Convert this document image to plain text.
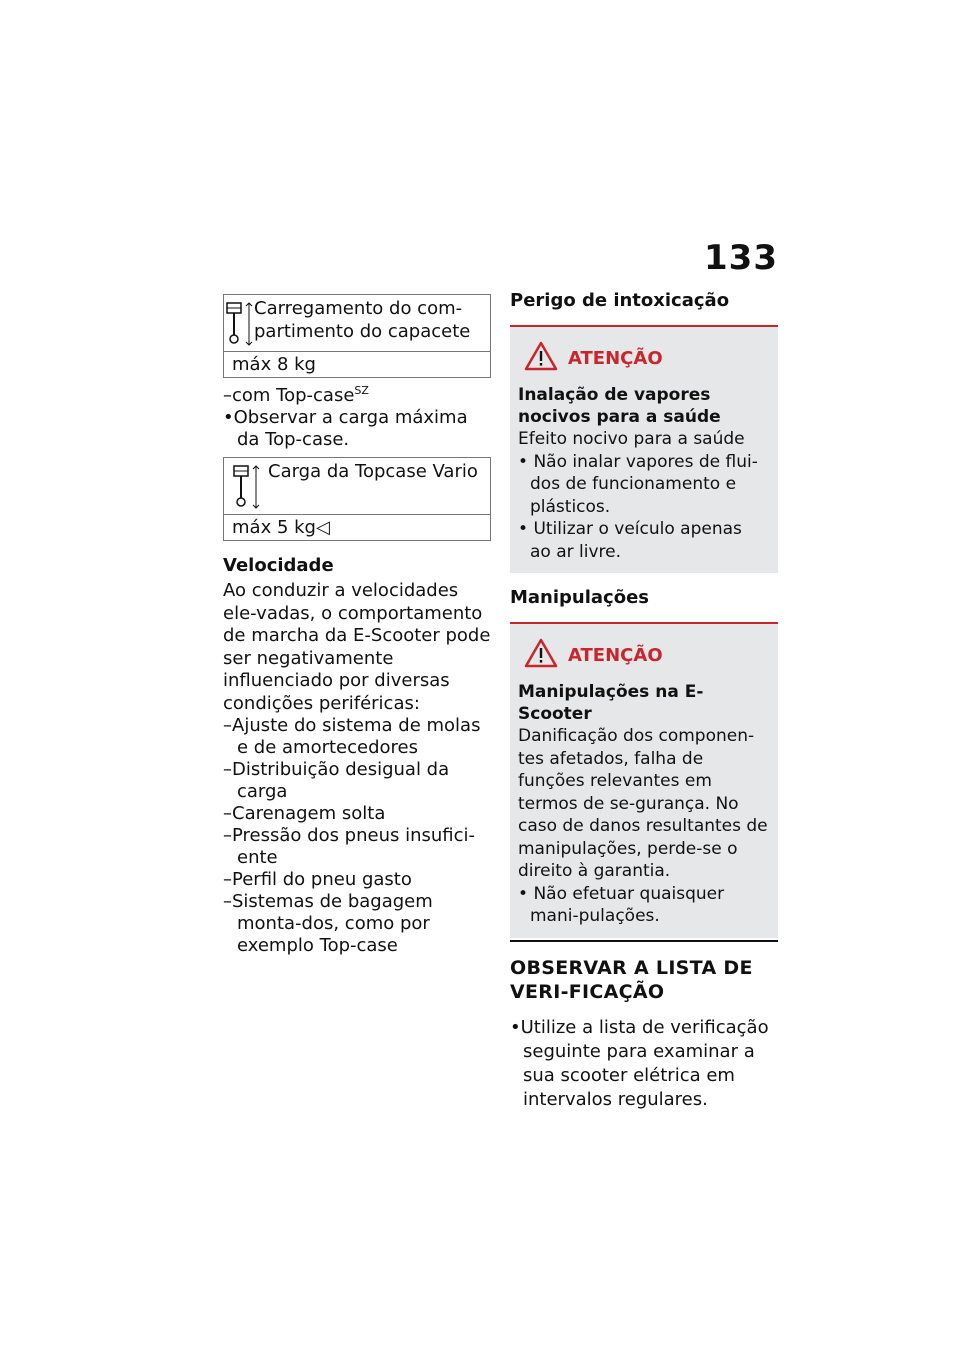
133
Carregamento do com-partimento do capacete
máx 8 kg
–com Top-case$^{SZ}$
•Observar a carga máxima da Top-case.
Carga da Topcase Vario
máx 5 kg◁
Velocidade
Ao conduzir a velocidades ele-vadas, o comportamento de marcha da E-Scooter pode ser negativamente influenciado por diversas condições periféricas:
–Ajuste do sistema de molas e de amortecedores
–Distribuição desigual da carga
–Carenagem solta
–Pressão dos pneus insufici-ente
–Perfil do pneu gasto
–Sistemas de bagagem monta-dos, como por exemplo Top-case
Perigo de intoxicação
ATENÇÃO
Inalação de vapores nocivos para a saúde
Efeito nocivo para a saúde
• Não inalar vapores de flui-dos de funcionamento e plásticos.
• Utilizar o veículo apenas ao ar livre.
Manipulações
ATENÇÃO
Manipulações na E-Scooter
Danificação dos componen-tes afetados, falha de funções relevantes em termos de se-gurança. No caso de danos resultantes de manipulações, perde-se o direito à garantia.
• Não efetuar quaisquer mani-pulações.
OBSERVAR A LISTA DE VERI-FICAÇÃO
•Utilize a lista de verificação seguinte para examinar a sua scooter elétrica em intervalos regulares.
